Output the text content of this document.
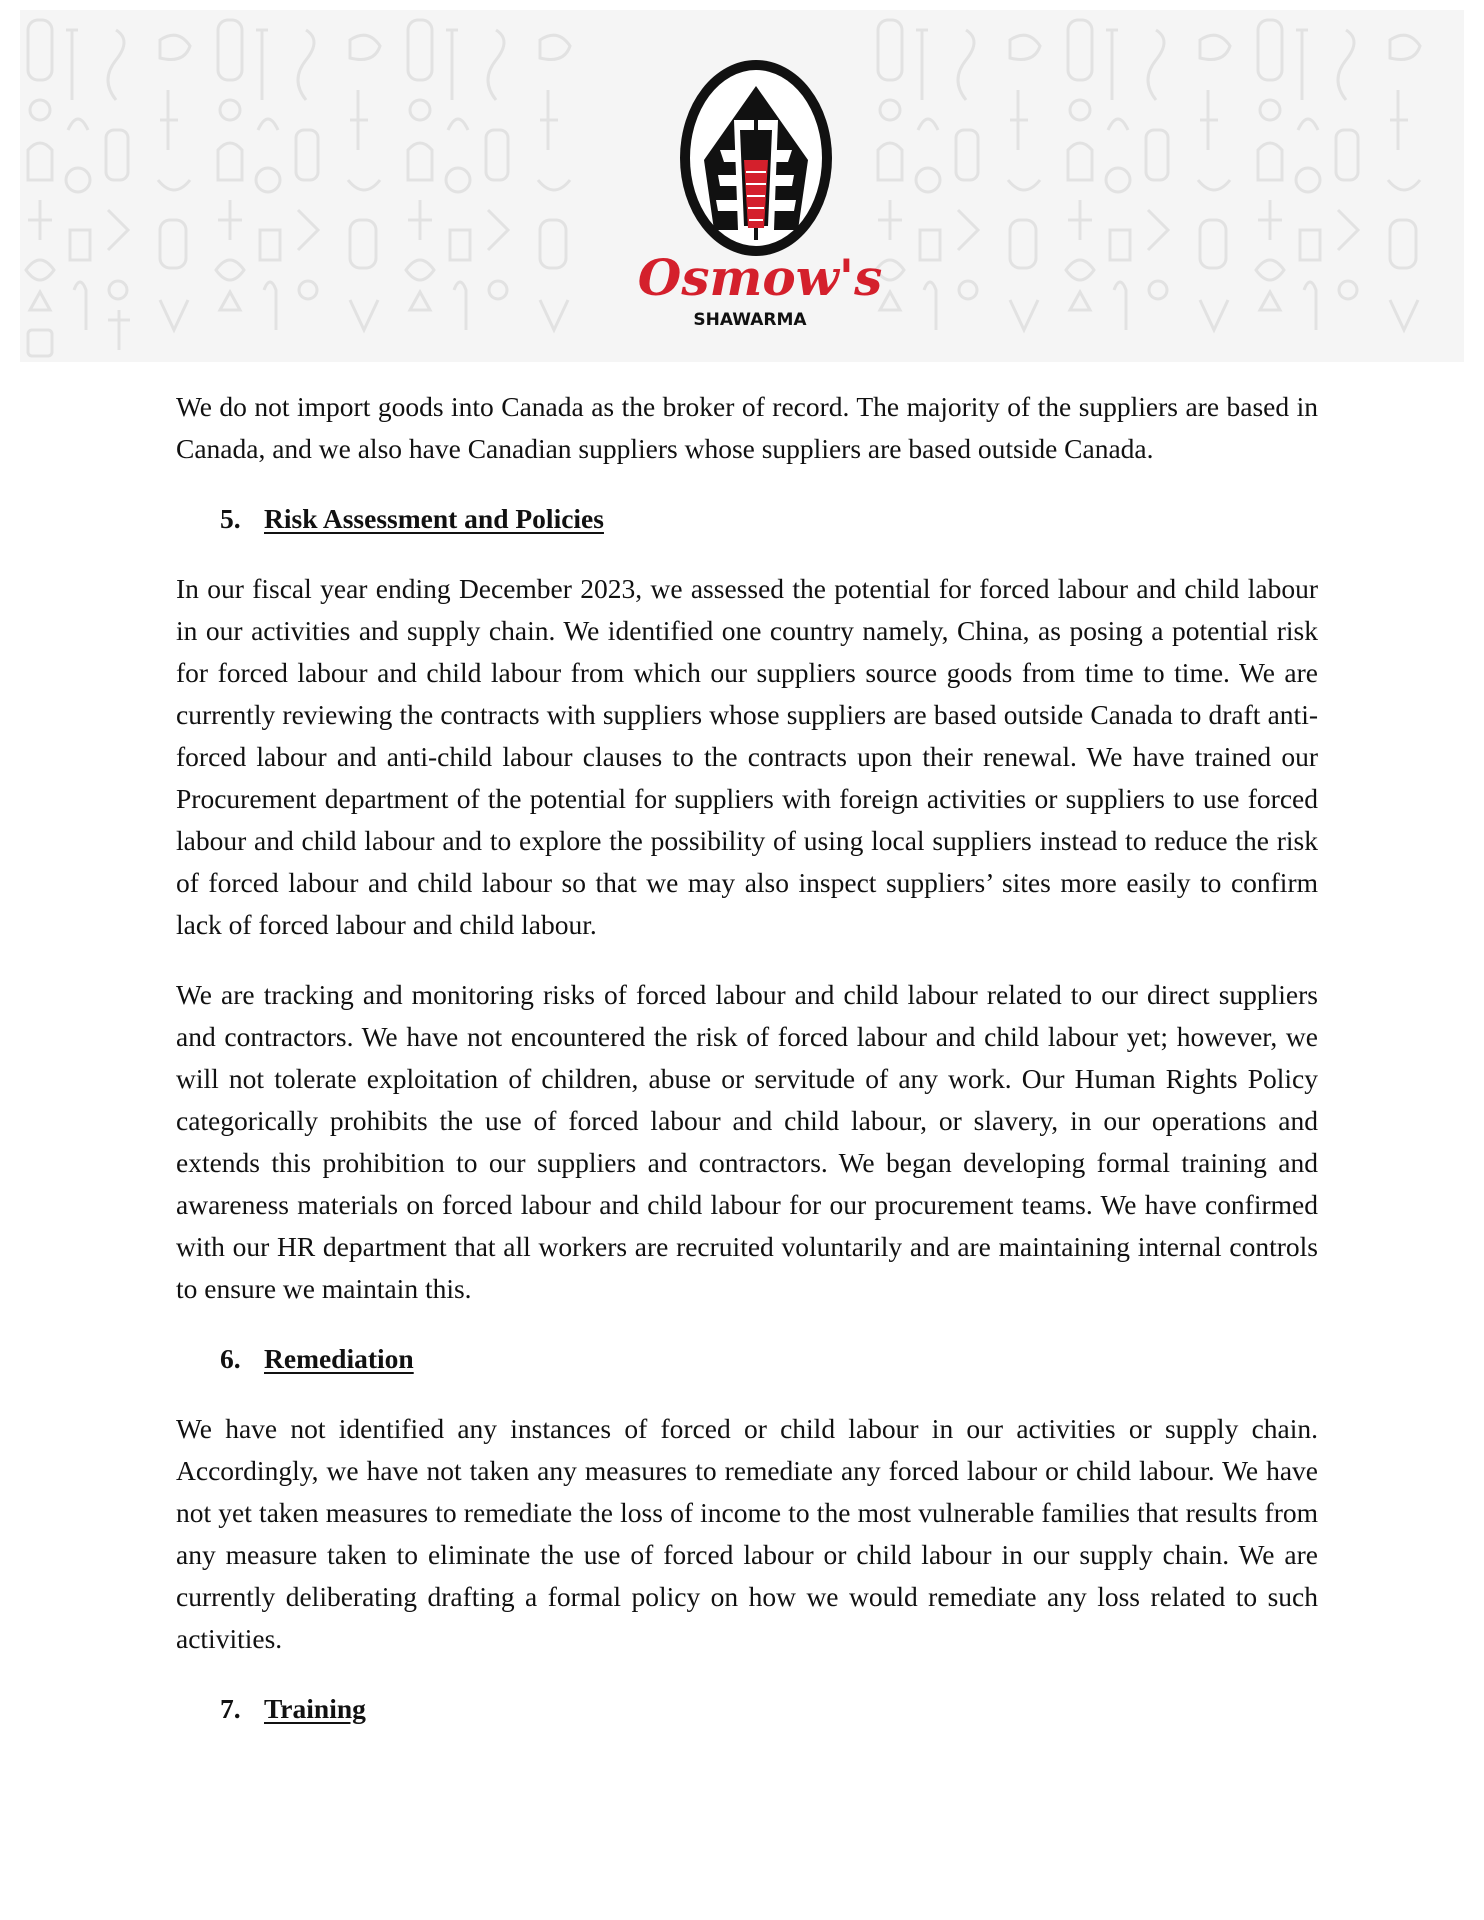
Osmow's
SHAWARMA

We do not import goods into Canada as the broker of record. The majority of the suppliers are based in Canada, and we also have Canadian suppliers whose suppliers are based outside Canada.

5. Risk Assessment and Policies

In our fiscal year ending December 2023, we assessed the potential for forced labour and child labour in our activities and supply chain. We identified one country namely, China, as posing a potential risk for forced labour and child labour from which our suppliers source goods from time to time. We are currently reviewing the contracts with suppliers whose suppliers are based outside Canada to draft anti-forced labour and anti-child labour clauses to the contracts upon their renewal. We have trained our Procurement department of the potential for suppliers with foreign activities or suppliers to use forced labour and child labour and to explore the possibility of using local suppliers instead to reduce the risk of forced labour and child labour so that we may also inspect suppliers’ sites more easily to confirm lack of forced labour and child labour.

We are tracking and monitoring risks of forced labour and child labour related to our direct suppliers and contractors. We have not encountered the risk of forced labour and child labour yet; however, we will not tolerate exploitation of children, abuse or servitude of any work. Our Human Rights Policy categorically prohibits the use of forced labour and child labour, or slavery, in our operations and extends this prohibition to our suppliers and contractors. We began developing formal training and awareness materials on forced labour and child labour for our procurement teams. We have confirmed with our HR department that all workers are recruited voluntarily and are maintaining internal controls to ensure we maintain this.

6. Remediation

We have not identified any instances of forced or child labour in our activities or supply chain. Accordingly, we have not taken any measures to remediate any forced labour or child labour. We have not yet taken measures to remediate the loss of income to the most vulnerable families that results from any measure taken to eliminate the use of forced labour or child labour in our supply chain. We are currently deliberating drafting a formal policy on how we would remediate any loss related to such activities.

7. Training
